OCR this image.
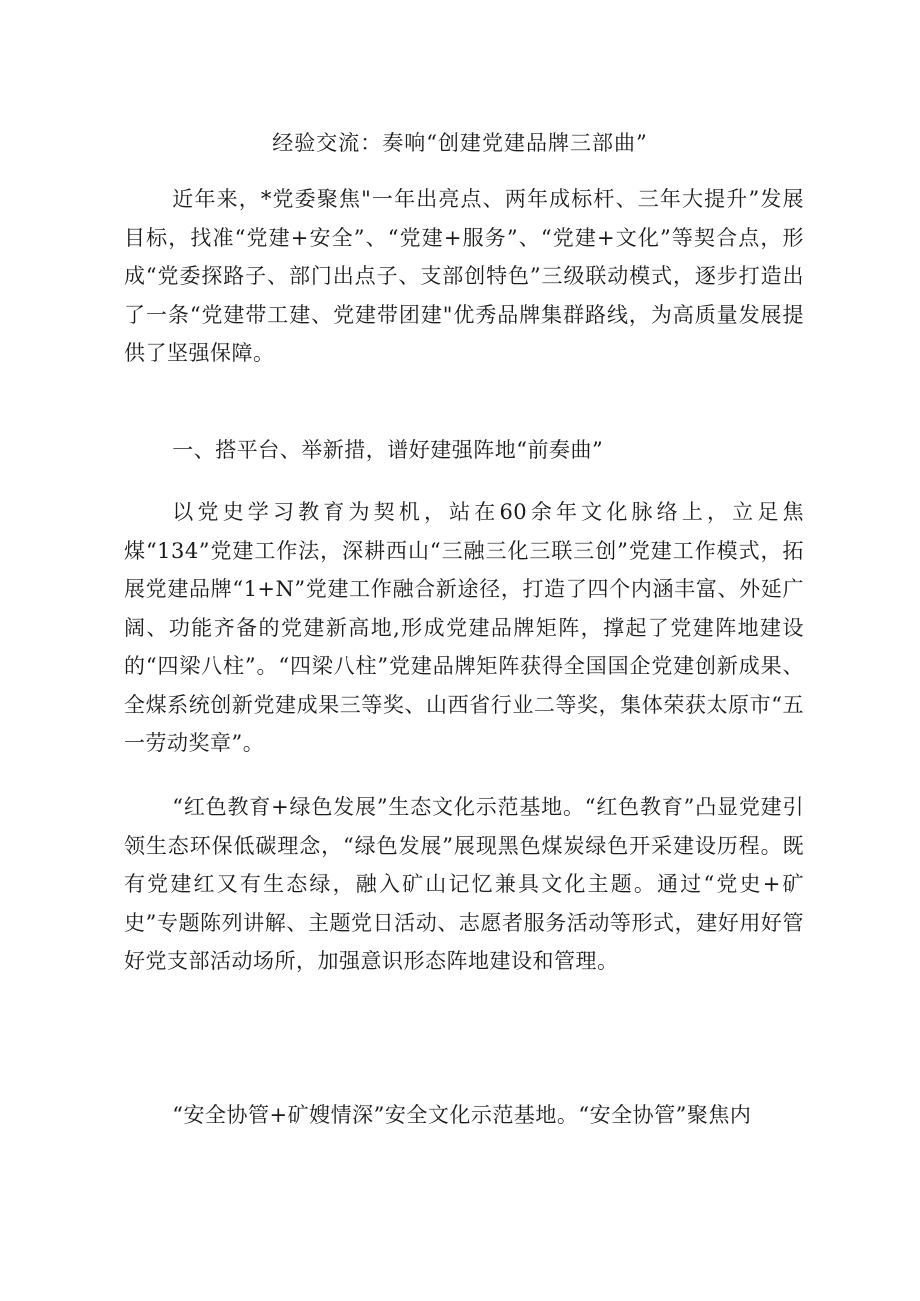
经验交流：奏响“创建党建品牌三部曲”

近年来，*党委聚焦"一年出亮点、两年成标杆、三年大提升”发展目标，找准“党建+安全”、“党建+服务”、“党建+文化”等契合点，形成“党委探路子、部门出点子、支部创特色”三级联动模式，逐步打造出了一条“党建带工建、党建带团建"优秀品牌集群路线，为高质量发展提供了坚强保障。

一、搭平台、举新措，谱好建强阵地“前奏曲”

以党史学习教育为契机，站在60余年文化脉络上，立足焦煤“134”党建工作法，深耕西山“三融三化三联三创”党建工作模式，拓展党建品牌“1+N”党建工作融合新途径，打造了四个内涵丰富、外延广阔、功能齐备的党建新高地,形成党建品牌矩阵，撑起了党建阵地建设的“四梁八柱”。“四梁八柱”党建品牌矩阵获得全国国企党建创新成果、全煤系统创新党建成果三等奖、山西省行业二等奖，集体荣获太原市“五一劳动奖章”。

“红色教育+绿色发展”生态文化示范基地。“红色教育”凸显党建引领生态环保低碳理念，“绿色发展”展现黑色煤炭绿色开采建设历程。既有党建红又有生态绿，融入矿山记忆兼具文化主题。通过“党史+矿史”专题陈列讲解、主题党日活动、志愿者服务活动等形式，建好用好管好党支部活动场所，加强意识形态阵地建设和管理。

“安全协管+矿嫂情深”安全文化示范基地。“安全协管”聚焦内
